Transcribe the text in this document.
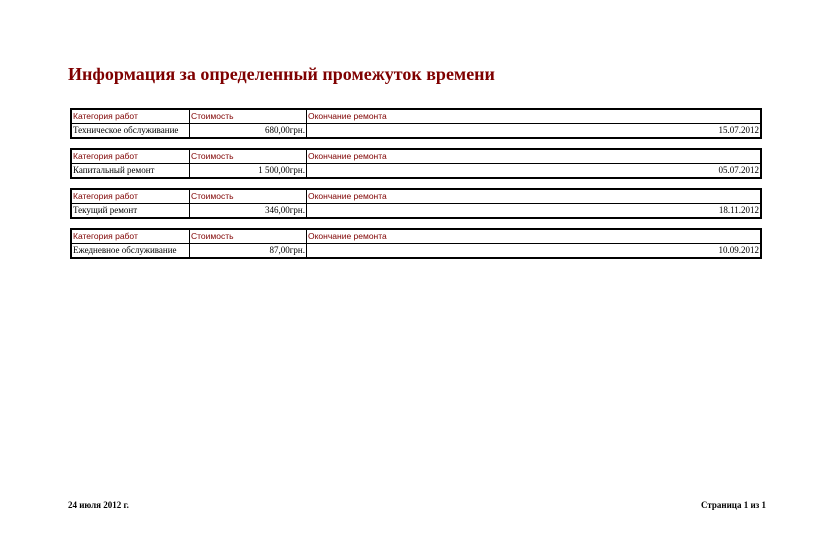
Информация за определенный промежуток времени
Категория работ	Стоимость	Окончание ремонта
Техническое обслуживание	680,00грн.	15.07.2012
Категория работ	Стоимость	Окончание ремонта
Капитальный ремонт	1 500,00грн.	05.07.2012
Категория работ	Стоимость	Окончание ремонта
Текущий ремонт	346,00грн.	18.11.2012
Категория работ	Стоимость	Окончание ремонта
Ежедневное обслуживание	87,00грн.	10.09.2012
24 июля 2012 г.	Страница 1 из 1
